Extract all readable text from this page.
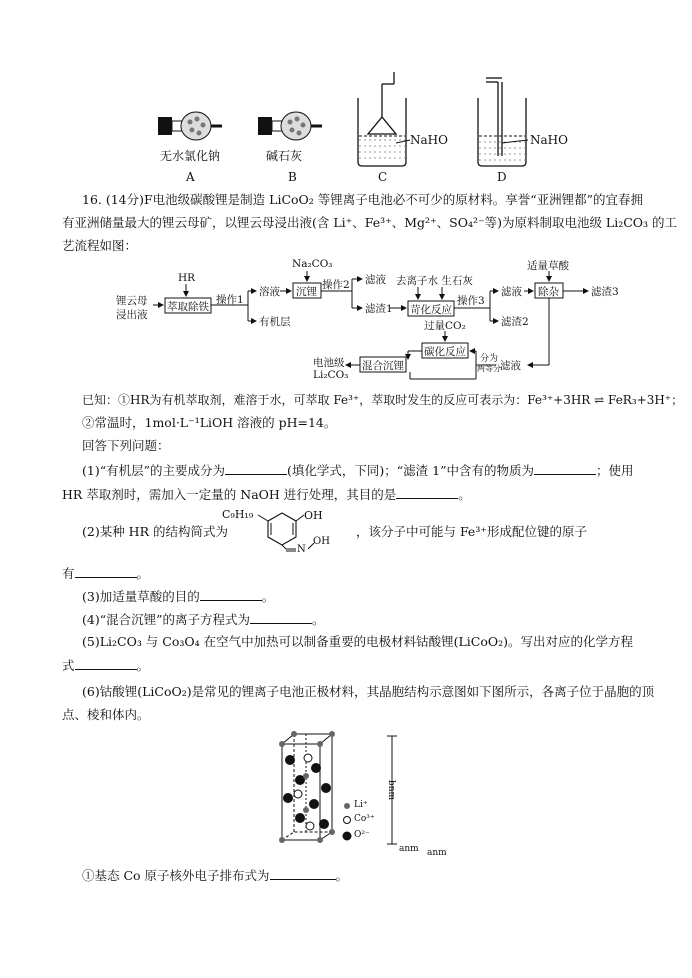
无水氯化钠	碱石灰
NaHO	NaHO
A	B	C	D
16. (14分)F电池级碳酸锂是制造 LiCoO₂ 等锂离子电池必不可少的原材料。享誉“亚洲锂都”的宜春拥
有亚洲储量最大的锂云母矿，以锂云母浸出液(含 Li⁺、Fe³⁺、Mg²⁺、SO₄²⁻等)为原料制取电池级 Li₂CO₃ 的工
艺流程如图：
锂云母
浸出液
HR
萃取除铁
操作1
溶液
有机层
Na₂CO₃
沉锂
操作2 滤液
滤渣1
去离子水 生石灰
苛化反应
操作3
滤液
滤渣2
适量草酸
除杂	滤渣3
过量CO₂
碳化反应
分为
两等分 滤液
混合沉锂
电池级
Li₂CO₃
已知：①HR为有机萃取剂，难溶于水，可萃取 Fe³⁺，萃取时发生的反应可表示为：Fe³⁺+3HR ⇌ FeR₃+3H⁺；
②常温时，1mol·L⁻¹LiOH 溶液的 pH=14。
回答下列问题：
(1)“有机层”的主要成分为	(填化学式，下同)；“滤渣 1”中含有的物质为	；使用
HR 萃取剂时，需加入一定量的 NaOH 进行处理，其目的是	。
(2)某种 HR 的结构简式为	，该分子中可能与 Fe³⁺形成配位键的原子
C₉H₁₉	OH
N
OH
有	。
(3)加适量草酸的目的	。
(4)“混合沉锂”的离子方程式为	。
(5)Li₂CO₃ 与 Co₃O₄ 在空气中加热可以制备重要的电极材料钴酸锂(LiCoO₂)。写出对应的化学方程
式	。
(6)钴酸锂(LiCoO₂)是常见的锂离子电池正极材料，其晶胞结构示意图如下图所示，各离子位于晶胞的顶
点、棱和体内。
Li⁺
Co³⁺
O²⁻
bnm
anm anm
①基态 Co 原子核外电子排布式为	。
